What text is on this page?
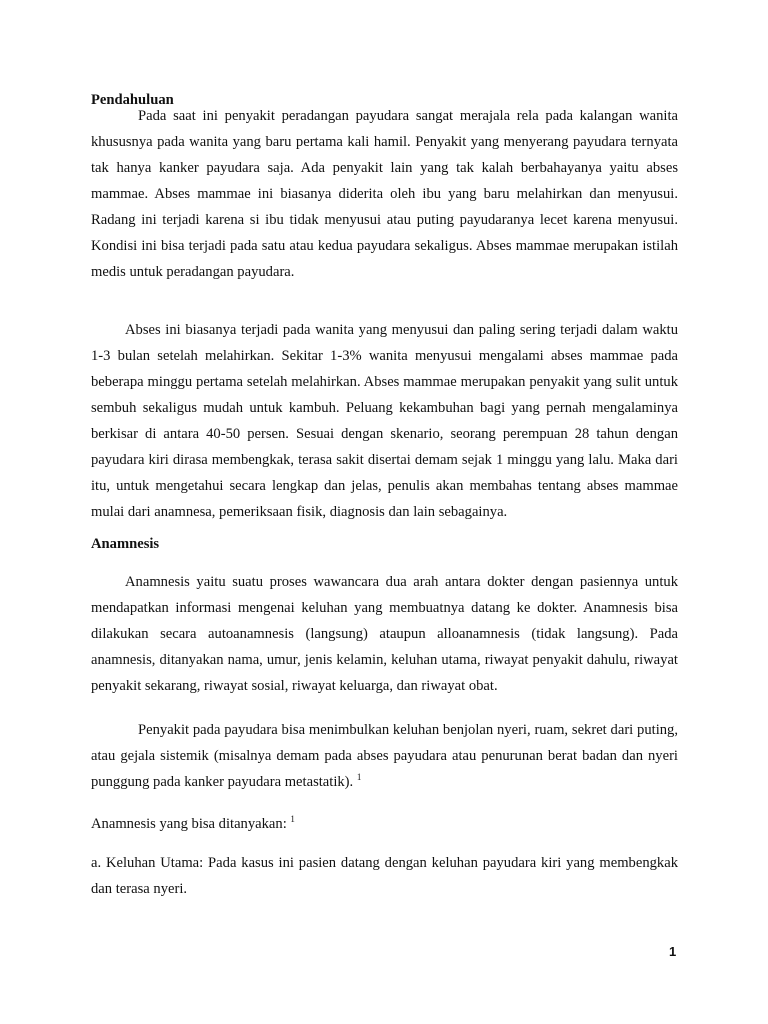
Pendahuluan

Pada saat ini penyakit peradangan payudara sangat merajala rela pada kalangan wanita khususnya pada wanita yang baru pertama kali hamil. Penyakit yang menyerang payudara ternyata tak hanya kanker payudara saja. Ada penyakit lain yang tak kalah berbahayanya yaitu abses mammae. Abses mammae ini biasanya diderita oleh ibu yang baru melahirkan dan menyusui. Radang ini terjadi karena si ibu tidak menyusui atau puting payudaranya lecet karena menyusui. Kondisi ini bisa terjadi pada satu atau kedua payudara sekaligus. Abses mammae merupakan istilah medis untuk peradangan payudara.

Abses ini biasanya terjadi pada wanita yang menyusui dan paling sering terjadi dalam waktu 1-3 bulan setelah melahirkan. Sekitar 1-3% wanita menyusui mengalami abses mammae pada beberapa minggu pertama setelah melahirkan. Abses mammae merupakan penyakit yang sulit untuk sembuh sekaligus mudah untuk kambuh. Peluang kekambuhan bagi yang pernah mengalaminya berkisar di antara 40-50 persen. Sesuai dengan skenario, seorang perempuan 28 tahun dengan payudara kiri dirasa membengkak, terasa sakit disertai demam sejak 1 minggu yang lalu. Maka dari itu, untuk mengetahui secara lengkap dan jelas, penulis akan membahas tentang abses mammae mulai dari anamnesa, pemeriksaan fisik, diagnosis dan lain sebagainya.

Anamnesis

Anamnesis yaitu suatu proses wawancara dua arah antara dokter dengan pasiennya untuk mendapatkan informasi mengenai keluhan yang membuatnya datang ke dokter. Anamnesis bisa dilakukan secara autoanamnesis (langsung) ataupun alloanamnesis (tidak langsung). Pada anamnesis, ditanyakan nama, umur, jenis kelamin, keluhan utama, riwayat penyakit dahulu, riwayat penyakit sekarang, riwayat sosial, riwayat keluarga, dan riwayat obat.

Penyakit pada payudara bisa menimbulkan keluhan benjolan nyeri, ruam, sekret dari puting, atau gejala sistemik (misalnya demam pada abses payudara atau penurunan berat badan dan nyeri punggung pada kanker payudara metastatik). $^1$

Anamnesis yang bisa ditanyakan: $^1$

a. Keluhan Utama: Pada kasus ini pasien datang dengan keluhan payudara kiri yang membengkak dan terasa nyeri.

1
